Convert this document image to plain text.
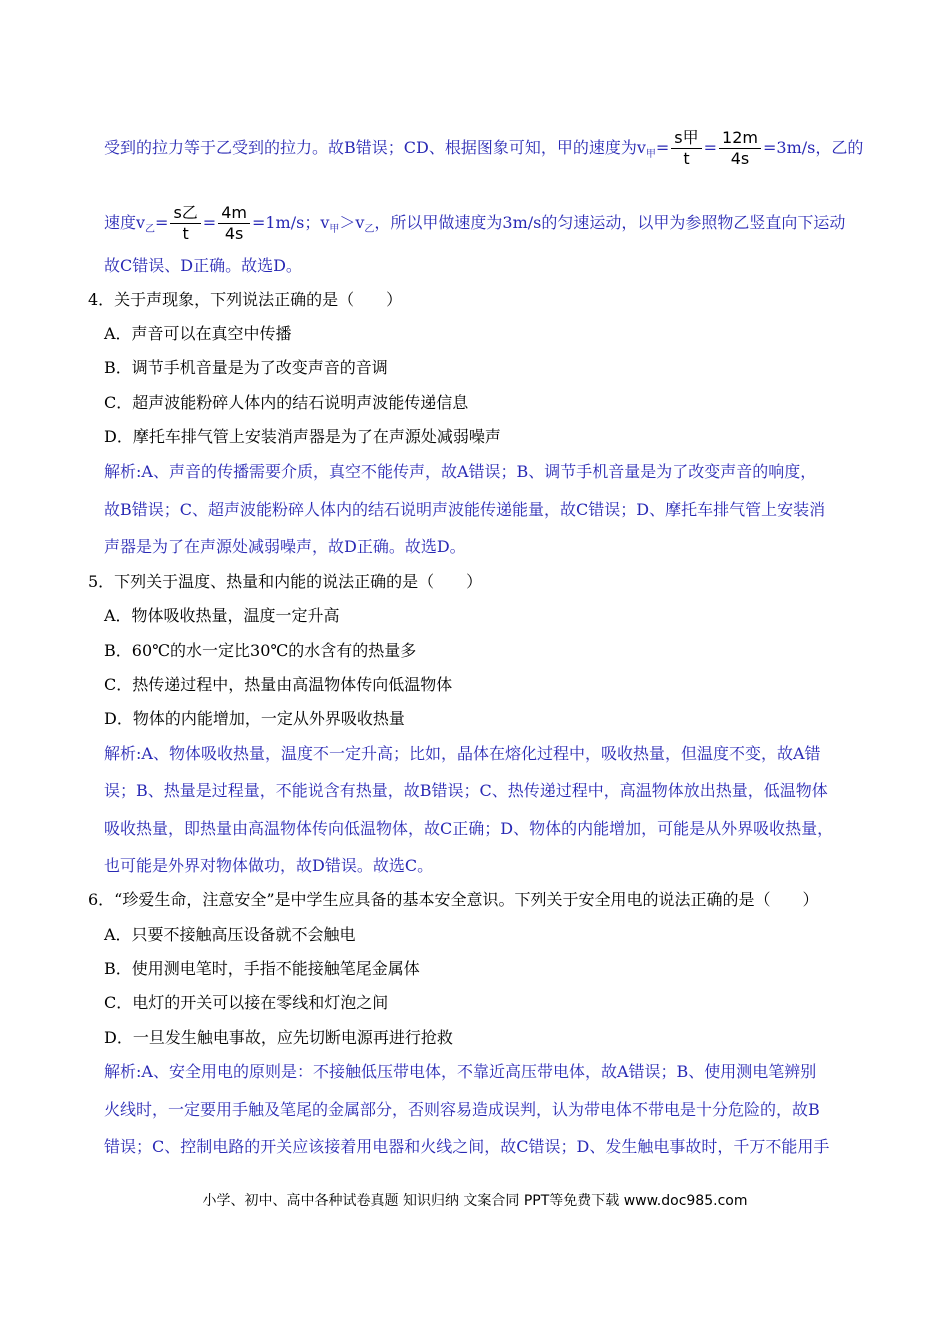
受到的拉力等于乙受到的拉力。故B错误；CD、根据图象可知，甲的速度为$v_甲= \frac{\text{s甲}}{t} = \frac{12m}{4s} =3m/s$，乙的
速度$v_乙= \frac{\text{s乙}}{t} = \frac{4m}{4s} =1m/s$；$v_甲>v_乙$，所以甲做速度为3m/s的匀速运动，以甲为参照物乙竖直向下运动
故C错误、D正确。故选D。
4．关于声现象，下列说法正确的是（　　）
A．声音可以在真空中传播
B．调节手机音量是为了改变声音的音调
C．超声波能粉碎人体内的结石说明声波能传递信息
D．摩托车排气管上安装消声器是为了在声源处减弱噪声
解析:A、声音的传播需要介质，真空不能传声，故A错误；B、调节手机音量是为了改变声音的响度，
故B错误；C、超声波能粉碎人体内的结石说明声波能传递能量，故C错误；D、摩托车排气管上安装消
声器是为了在声源处减弱噪声，故D正确。故选D。
5．下列关于温度、热量和内能的说法正确的是（　　）
A．物体吸收热量，温度一定升高
B．60℃的水一定比30℃的水含有的热量多
C．热传递过程中，热量由高温物体传向低温物体
D．物体的内能增加，一定从外界吸收热量
解析:A、物体吸收热量，温度不一定升高；比如，晶体在熔化过程中，吸收热量，但温度不变，故A错
误；B、热量是过程量，不能说含有热量，故B错误；C、热传递过程中，高温物体放出热量，低温物体
吸收热量，即热量由高温物体传向低温物体，故C正确；D、物体的内能增加，可能是从外界吸收热量，
也可能是外界对物体做功，故D错误。故选C。
6．“珍爱生命，注意安全”是中学生应具备的基本安全意识。下列关于安全用电的说法正确的是（　　）
A．只要不接触高压设备就不会触电
B．使用测电笔时，手指不能接触笔尾金属体
C．电灯的开关可以接在零线和灯泡之间
D．一旦发生触电事故，应先切断电源再进行抢救
解析:A、安全用电的原则是：不接触低压带电体，不靠近高压带电体，故A错误；B、使用测电笔辨别
火线时，一定要用手触及笔尾的金属部分，否则容易造成误判，认为带电体不带电是十分危险的，故B
错误；C、控制电路的开关应该接着用电器和火线之间，故C错误；D、发生触电事故时，千万不能用手
小学、初中、高中各种试卷真题 知识归纳 文案合同 PPT等免费下载 www.doc985.com
